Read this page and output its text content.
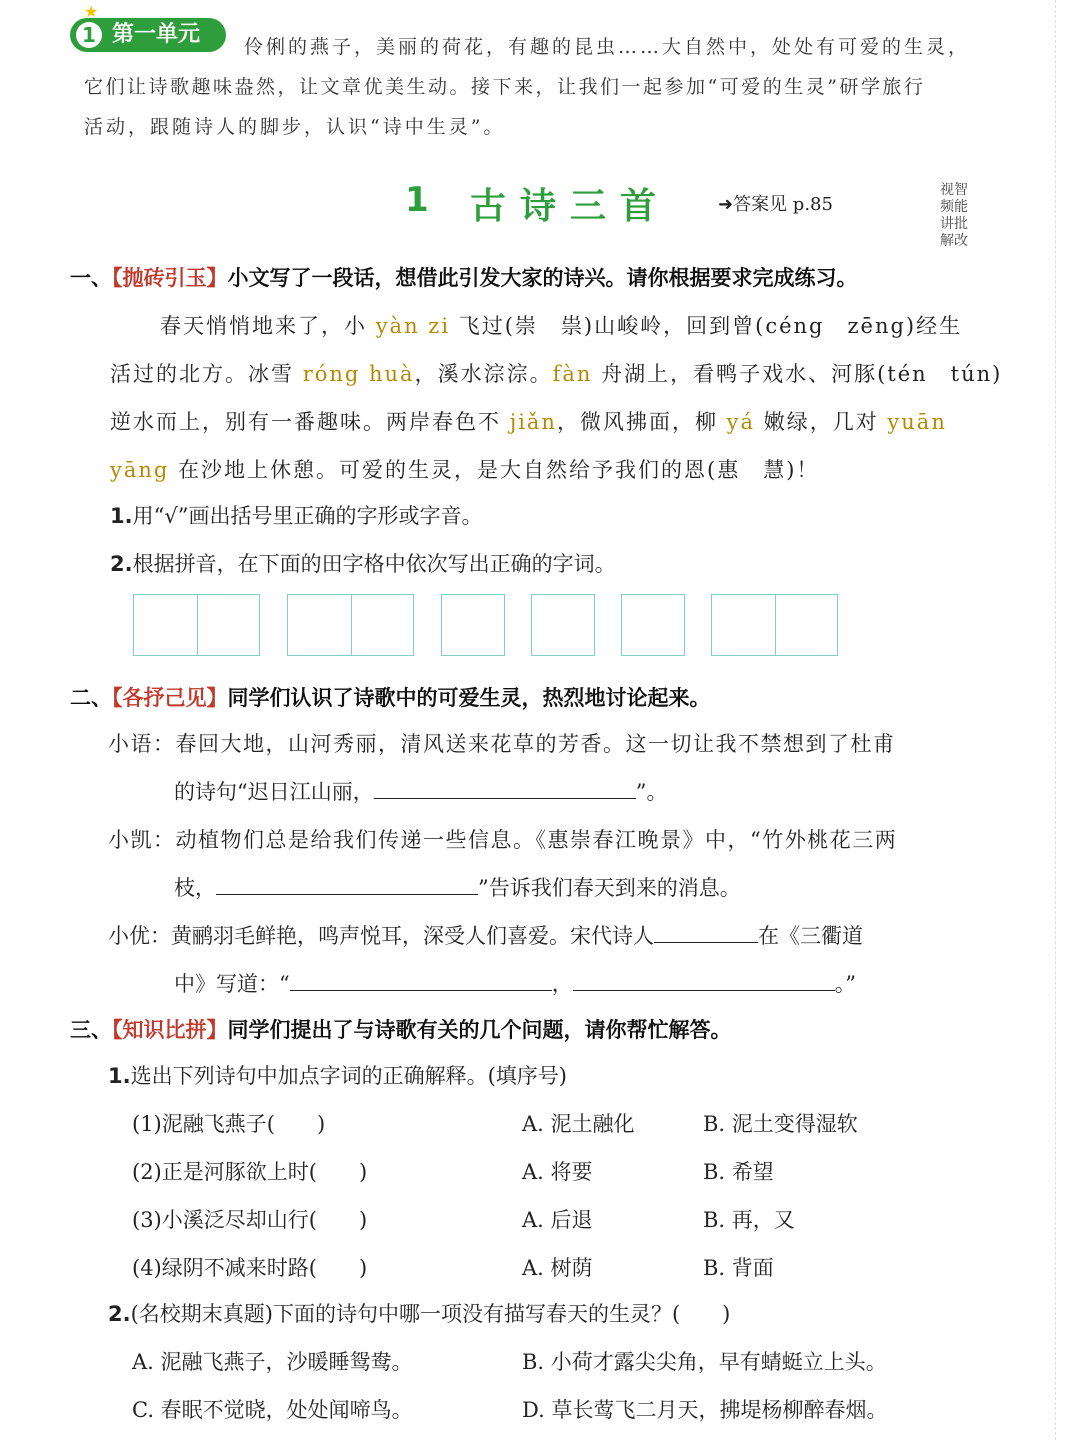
1 第一单元
★
伶俐的燕子，美丽的荷花，有趣的昆虫……大自然中，处处有可爱的生灵，
它们让诗歌趣味盎然，让文章优美生动。接下来，让我们一起参加“可爱的生灵”研学旅行
活动，跟随诗人的脚步，认识“诗中生灵”。
1 古诗三首	➜答案见 p.85
视智频能讲批解改
一、【抛砖引玉】小文写了一段话，想借此引发大家的诗兴。请你根据要求完成练习。
春天悄悄地来了，小 yàn zi 飞过(崇　祟)山峻岭，回到曾(céng　zēng)经生
活过的北方。冰雪 róng huà，溪水淙淙。fàn 舟湖上，看鸭子戏水、河豚(tén　tún)
逆水而上，别有一番趣味。两岸春色不 jiǎn，微风拂面，柳 yá 嫩绿，几对 yuān
yāng 在沙地上休憩。可爱的生灵，是大自然给予我们的恩(惠　慧)！
1.用“√”画出括号里正确的字形或字音。
2.根据拼音，在下面的田字格中依次写出正确的字词。
二、【各抒己见】同学们认识了诗歌中的可爱生灵，热烈地讨论起来。
小语：春回大地，山河秀丽，清风送来花草的芳香。这一切让我不禁想到了杜甫
的诗句“迟日江山丽，	”。
小凯：动植物们总是给我们传递一些信息。《惠崇春江晚景》中，“竹外桃花三两
枝，	”告诉我们春天到来的消息。
小优：黄鹂羽毛鲜艳，鸣声悦耳，深受人们喜爱。宋代诗人	在《三衢道
中》写道：“	，	。”
三、【知识比拼】同学们提出了与诗歌有关的几个问题，请你帮忙解答。
1.选出下列诗句中加点字词的正确解释。(填序号)
(1)泥融飞燕子(　　)	A. 泥土融化	B. 泥土变得湿软
(2)正是河豚欲上时(　　)	A. 将要	B. 希望
(3)小溪泛尽却山行(　　)	A. 后退	B. 再，又
(4)绿阴不减来时路(　　)	A. 树荫	B. 背面
2.(名校期末真题)下面的诗句中哪一项没有描写春天的生灵？(　　)
A. 泥融飞燕子，沙暖睡鸳鸯。	B. 小荷才露尖尖角，早有蜻蜓立上头。
C. 春眠不觉晓，处处闻啼鸟。	D. 草长莺飞二月天，拂堤杨柳醉春烟。
